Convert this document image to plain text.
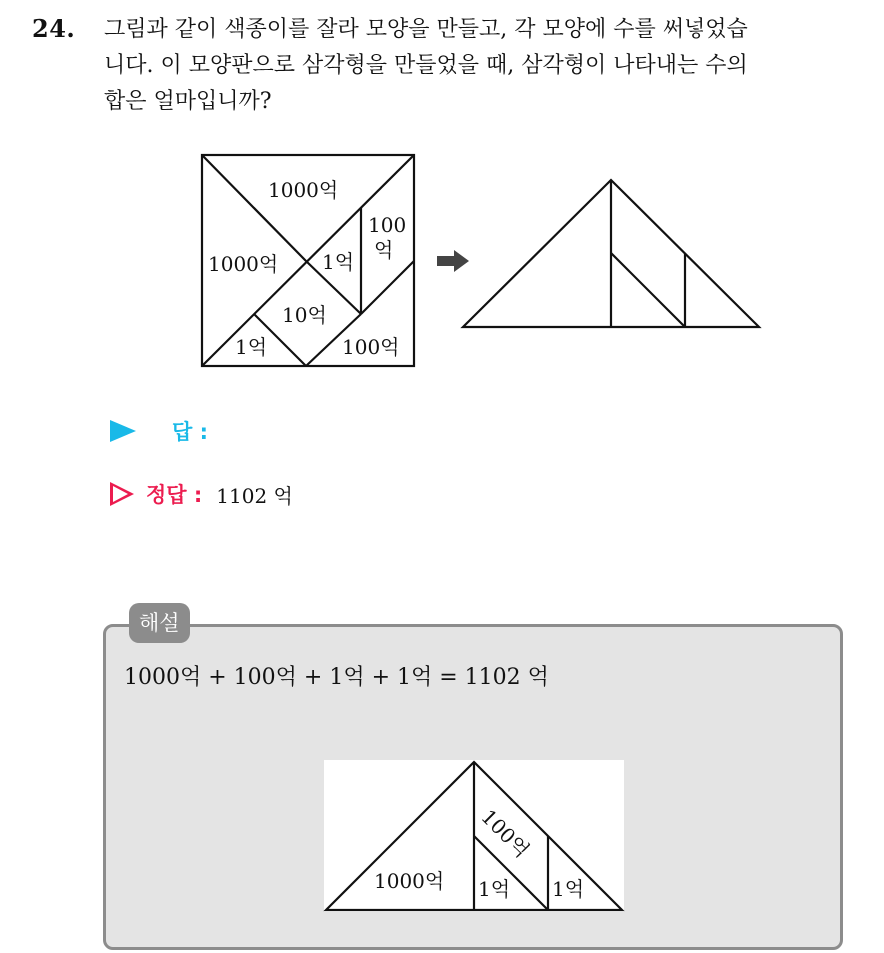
24. 그림과 같이 색종이를 잘라 모양을 만들고, 각 모양에 수를 써넣었습
니다. 이 모양판으로 삼각형을 만들었을 때, 삼각형이 나타내는 수의
합은 얼마입니까?
1000억
1000억
100
억
1억
10억
1억	100억
답 :
정답 : 1102 억
해설
1000억 + 100억 + 1억 + 1억 = 1102 억
1000억
100억
1억 1억
